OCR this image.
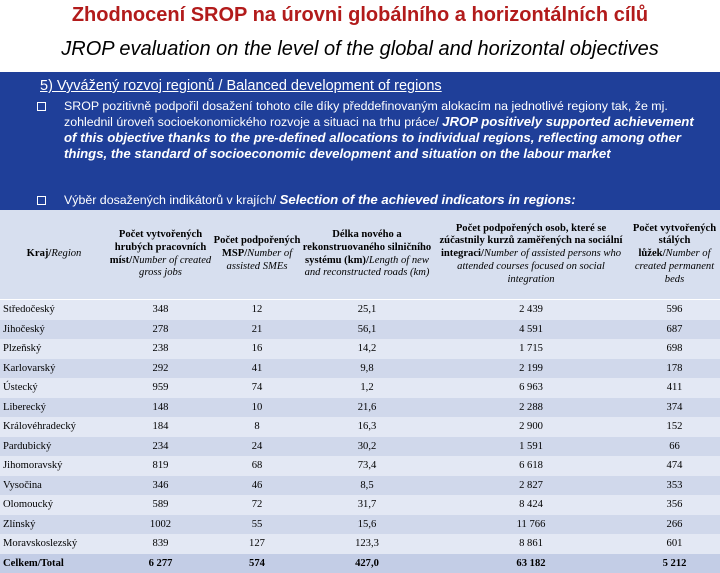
Zhodnocení SROP na úrovni globálního a horizontálních cílů
JROP evaluation on the level of the global and horizontal objectives
5) Vyvážený rozvoj regionů / Balanced development of regions
SROP pozitivně podpořil dosažení tohoto cíle díky předdefinovaným alokacím na jednotlivé regiony tak, že mj. zohlednil úroveň socioekonomického rozvoje a situaci na trhu práce/ JROP positively supported achievement of this objective thanks to the pre-defined allocations to individual regions, reflecting among other things, the standard of socioeconomic development and situation on the labour market
Výběr dosažených indikátorů v krajích/ Selection of the achieved indicators in regions:
Kraj/Region	Počet vytvořených hrubých pracovních míst/Number of created gross jobs	Počet podpořených MSP/Number of assisted SMEs	Délka nového a rekonstruovaného silničního systému (km)/Length of new and reconstructed roads (km)	Počet podpořených osob, které se zúčastnily kurzů zaměřených na sociální integraci/Number of assisted persons who attended courses focused on social integration	Počet vytvořených stálých lůžek/Number of created permanent beds
Středočeský	348	12	25,1	2 439	596
Jihočeský	278	21	56,1	4 591	687
Plzeňský	238	16	14,2	1 715	698
Karlovarský	292	41	9,8	2 199	178
Ústecký	959	74	1,2	6 963	411
Liberecký	148	10	21,6	2 288	374
Královéhradecký	184	8	16,3	2 900	152
Pardubický	234	24	30,2	1 591	66
Jihomoravský	819	68	73,4	6 618	474
Vysočina	346	46	8,5	2 827	353
Olomoucký	589	72	31,7	8 424	356
Zlínský	1002	55	15,6	11 766	266
Moravskoslezský	839	127	123,3	8 861	601
Celkem/Total	6 277	574	427,0	63 182	5 212
